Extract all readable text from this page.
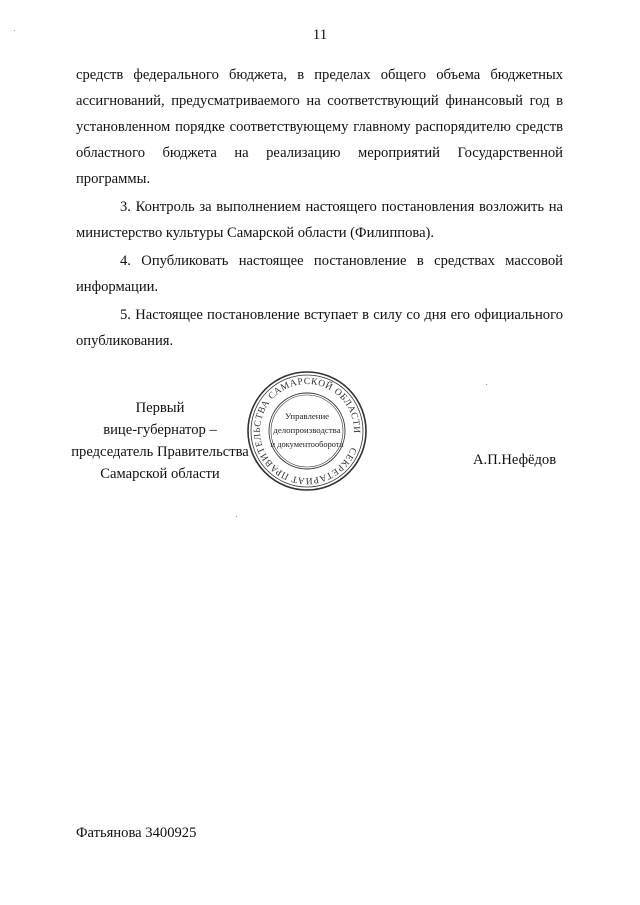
11

средств федерального бюджета, в пределах общего объема бюджетных ассигнований, предусматриваемого на соответствующий финансовый год в установленном порядке соответствующему главному распорядителю средств областного бюджета на реализацию мероприятий Государственной программы.

3. Контроль за выполнением настоящего постановления возложить на министерство культуры Самарской области (Филиппова).

4. Опубликовать настоящее постановление в средствах массовой информации.

5. Настоящее постановление вступает в силу со дня его официального опубликования.

Первый
вице-губернатор –
председатель Правительства
Самарской области
СЕКРЕТАРИАТ ПРАВИТЕЛЬСТВА САМАРСКОЙ ОБЛАСТИ
Управление
делопроизводства
и документооборота
А.П.Нефёдов
Фатьянова 3400925
